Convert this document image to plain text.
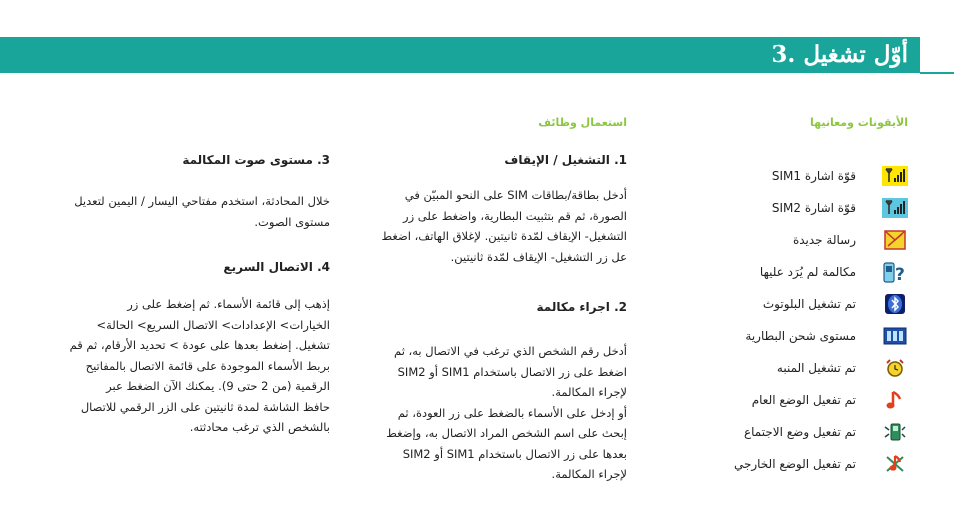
3. أوّل تشغيل
الأيقونات ومعانيها
قوّة اشارة SIM1
قوّة اشارة SIM2
رسالة جديدة
مكالمة لم يُرَد عليها ?
تم تشغيل البلوتوث
مستوى شحن البطارية
تم تشغيل المنبه
تم تفعيل الوضع العام
تم تفعيل وضع الاجتماع
تم تفعيل الوضع الخارجي
استعمال وظائف

1. التشغيل / الإيقاف

أدخل بطاقة/بطاقات SIM على النحو المبيّن في

الصورة، ثم قم بتثبيت البطارية، واضغط على زر

التشغيل- الإيقاف لمّدة ثانيتين. لإغلاق الهاتف، اضغط

عل زر التشغيل- الإيقاف لمّدة ثانيتين.

2. اجراء مكالمة

أدخل رقم الشخص الذي ترغب في الاتصال به، ثم

اضغط على زر الاتصال باستخدام SIM1 أو SIM2

لإجراء المكالمة.

أو إدخل على الأسماء بالضغط على زر العودة، ثم

إبحث على اسم الشخص المراد الاتصال به، وإضغط

بعدها على زر الاتصال باستخدام SIM1 أو SIM2

لإجراء المكالمة.

3. مستوى صوت المكالمة

خلال المحادثة، استخدم مفتاحي اليسار / اليمين لتعديل

مستوى الصوت.

4. الاتصال السريع

إذهب إلى قائمة الأسماء. ثم إضغط على زر

الخيارات> الإعدادات> الاتصال السريع> الحالة>

تشغيل. إضغط بعدها على عودة > تحديد الأرقام، ثم قم

بربط الأسماء الموجودة على قائمة الاتصال بالمفاتيح

الرقمية (من 2 حتى 9). يمكنك الآن الضغط عبر

حافظ الشاشة لمدة ثانيتين على الزر الرقمي للاتصال

بالشخص الذي ترغب محادثته.
